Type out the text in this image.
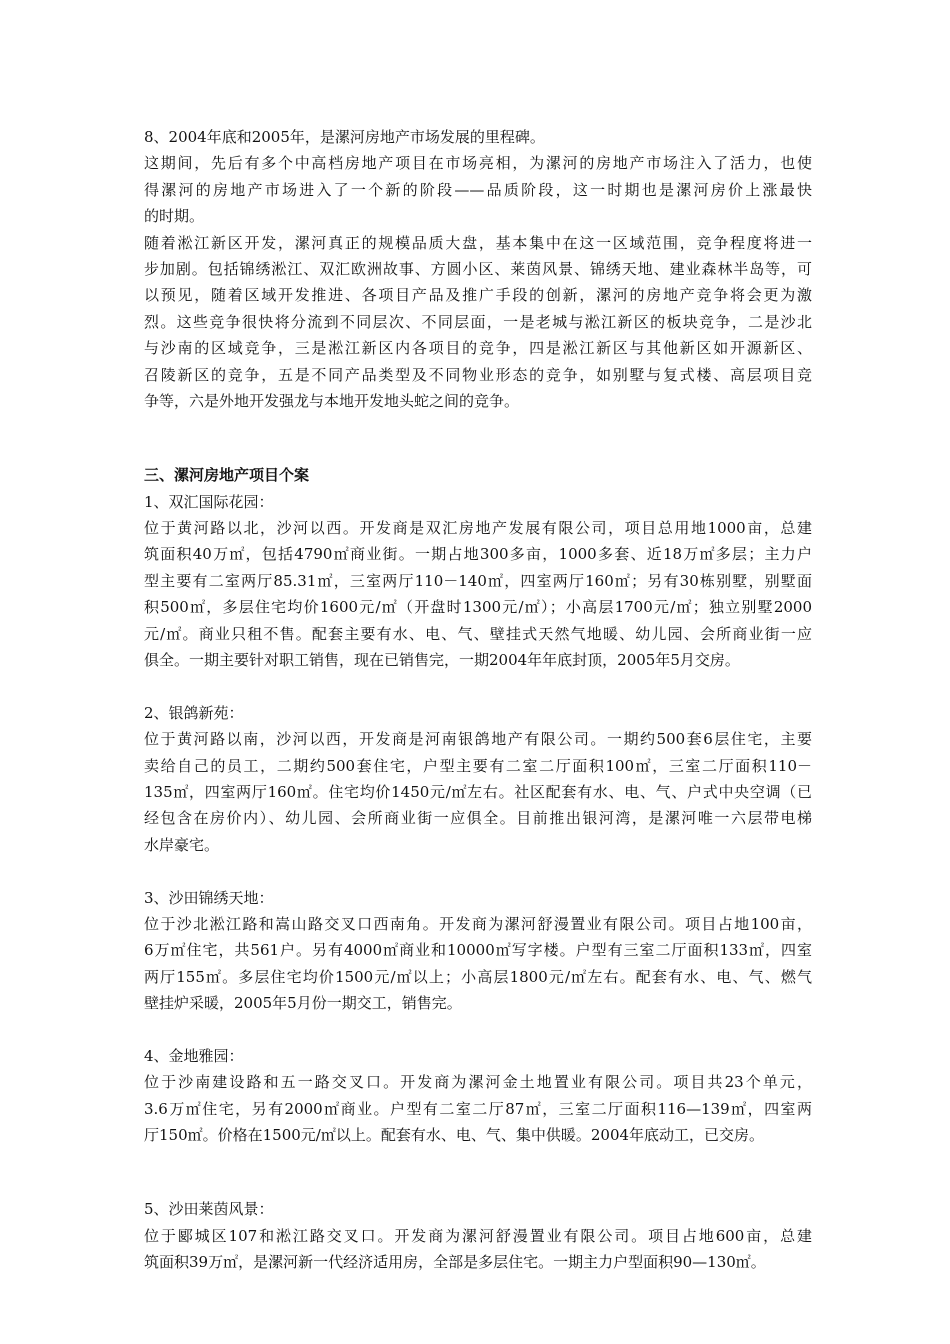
8、2004年底和2005年，是漯河房地产市场发展的里程碑。
这期间，先后有多个中高档房地产项目在市场亮相，为漯河的房地产市场注入了活力，也使
得漯河的房地产市场进入了一个新的阶段——品质阶段，这一时期也是漯河房价上涨最快
的时期。
随着淞江新区开发，漯河真正的规模品质大盘，基本集中在这一区域范围，竞争程度将进一
步加剧。包括锦绣淞江、双汇欧洲故事、方圆小区、莱茵风景、锦绣天地、建业森林半岛等，可
以预见，随着区域开发推进、各项目产品及推广手段的创新，漯河的房地产竞争将会更为激
烈。这些竞争很快将分流到不同层次、不同层面，一是老城与淞江新区的板块竞争，二是沙北
与沙南的区域竞争，三是淞江新区内各项目的竞争，四是淞江新区与其他新区如开源新区、
召陵新区的竞争，五是不同产品类型及不同物业形态的竞争，如别墅与复式楼、高层项目竞
争等，六是外地开发强龙与本地开发地头蛇之间的竞争。
三、漯河房地产项目个案
1、双汇国际花园：
位于黄河路以北，沙河以西。开发商是双汇房地产发展有限公司，项目总用地1000亩，总建
筑面积40万㎡，包括4790㎡商业街。一期占地300多亩，1000多套、近18万㎡多层；主力户
型主要有二室两厅85.31㎡，三室两厅110－140㎡，四室两厅160㎡；另有30栋别墅，别墅面
积500㎡，多层住宅均价1600元/㎡（开盘时1300元/㎡）；小高层1700元/㎡；独立别墅2000
元/㎡。商业只租不售。配套主要有水、电、气、壁挂式天然气地暖、幼儿园、会所商业街一应
俱全。一期主要针对职工销售，现在已销售完，一期2004年年底封顶，2005年5月交房。
2、银鸽新苑：
位于黄河路以南，沙河以西，开发商是河南银鸽地产有限公司。一期约500套6层住宅，主要
卖给自己的员工，二期约500套住宅，户型主要有二室二厅面积100㎡，三室二厅面积110－
135㎡，四室两厅160㎡。住宅均价1450元/㎡左右。社区配套有水、电、气、户式中央空调（已
经包含在房价内）、幼儿园、会所商业街一应俱全。目前推出银河湾，是漯河唯一六层带电梯
水岸豪宅。
3、沙田锦绣天地：
位于沙北淞江路和嵩山路交叉口西南角。开发商为漯河舒漫置业有限公司。项目占地100亩，
6万㎡住宅，共561户。另有4000㎡商业和10000㎡写字楼。户型有三室二厅面积133㎡，四室
两厅155㎡。多层住宅均价1500元/㎡以上；小高层1800元/㎡左右。配套有水、电、气、燃气
壁挂炉采暖，2005年5月份一期交工，销售完。
4、金地雅园：
位于沙南建设路和五一路交叉口。开发商为漯河金土地置业有限公司。项目共23个单元，
3.6万㎡住宅，另有2000㎡商业。户型有二室二厅87㎡，三室二厅面积116—139㎡，四室两
厅150㎡。价格在1500元/㎡以上。配套有水、电、气、集中供暖。2004年底动工，已交房。
5、沙田莱茵风景：
位于郾城区107和淞江路交叉口。开发商为漯河舒漫置业有限公司。项目占地600亩，总建
筑面积39万㎡，是漯河新一代经济适用房，全部是多层住宅。一期主力户型面积90—130㎡。
